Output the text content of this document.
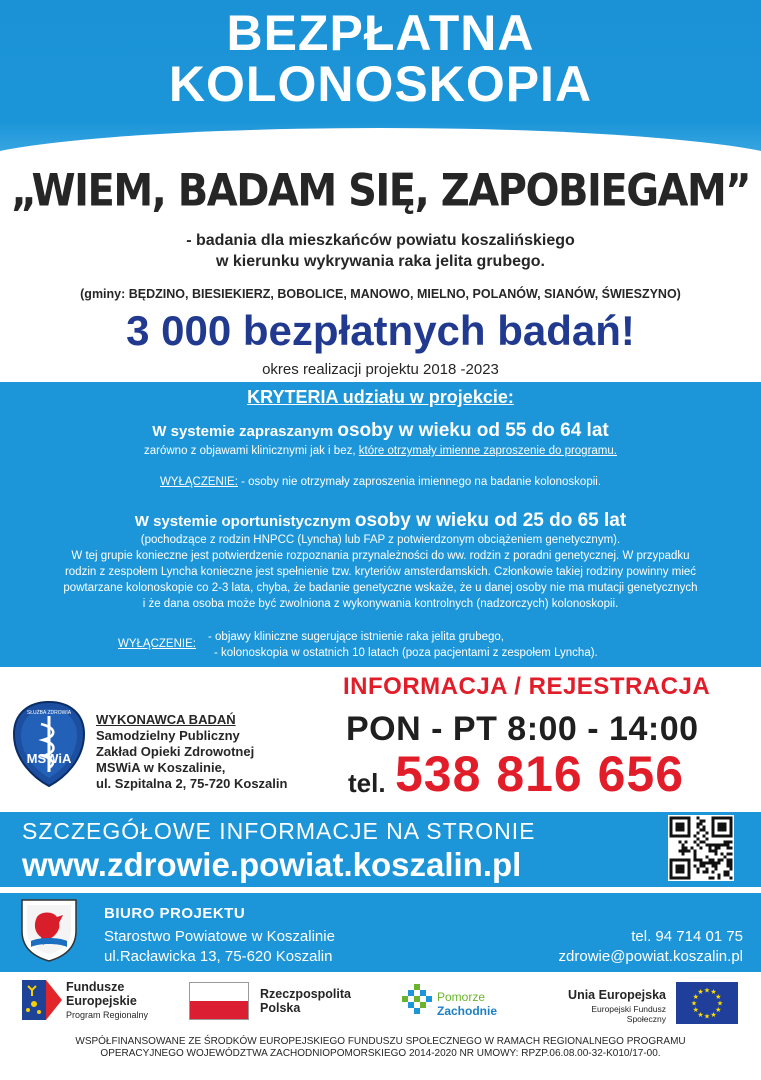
BEZPŁATNA
KOLONOSKOPIA
„WIEM, BADAM SIĘ, ZAPOBIEGAM”
- badania dla mieszkańców powiatu koszalińskiego
w kierunku wykrywania raka jelita grubego.
(gminy: BĘDZINO, BIESIEKIERZ, BOBOLICE, MANOWO, MIELNO, POLANÓW, SIANÓW, ŚWIESZYNO)
3 000 bezpłatnych badań!
okres realizacji projektu 2018 -2023
KRYTERIA udziału w projekcie:
W systemie zapraszanym osoby w wieku od 55 do 64 lat
zarówno z objawami klinicznymi jak i bez, które otrzymały imienne zaproszenie do programu.
WYŁĄCZENIE: - osoby nie otrzymały zaproszenia imiennego na badanie kolonoskopii.
W systemie oportunistycznym osoby w wieku od 25 do 65 lat
(pochodzące z rodzin HNPCC (Lyncha) lub FAP z potwierdzonym obciążeniem genetycznym).
W tej grupie konieczne jest potwierdzenie rozpoznania przynależności do ww. rodzin z poradni genetycznej. W przypadku
rodzin z zespołem Lyncha konieczne jest spełnienie tzw. kryteriów amsterdamskich. Członkowie takiej rodziny powinny mieć
powtarzane kolonoskopie co 2-3 lata, chyba, że badanie genetyczne wskaże, że u danej osoby nie ma mutacji genetycznych
i że dana osoba może być zwolniona z wykonywania kontrolnych (nadzorczych) kolonoskopii.
WYŁĄCZENIE:
- objawy kliniczne sugerujące istnienie raka jelita grubego,
- kolonoskopia w ostatnich 10 latach (poza pacjentami z zespołem Lyncha).
MSWiA
SŁUŻBA ZDROWIA WYKONAWCA BADAŃ
Samodzielny Publiczny
Zakład Opieki Zdrowotnej
MSWiA w Koszalinie,
ul. Szpitalna 2, 75-720 Koszalin
INFORMACJA / REJESTRACJA
PON - PT 8:00 - 14:00
tel. 538 816 656
SZCZEGÓŁOWE INFORMACJE NA STRONIE
www.zdrowie.powiat.koszalin.pl
BIURO PROJEKTU
Starostwo Powiatowe w Koszalinie
ul.Racławicka 13, 75-620 Koszalin
tel. 94 714 01 75
zdrowie@powiat.koszalin.pl
Fundusze
Europejskie
Program Regionalny
Rzeczpospolita
Polska
Pomorze
Zachodnie
Unia Europejska
Europejski Fundusz Społeczny
★
★
★
★
★
★
★
★
★ ★ ★
★
WSPÓŁFINANSOWANE ZE ŚRODKÓW EUROPEJSKIEGO FUNDUSZU SPOŁECZNEGO W RAMACH REGIONALNEGO PROGRAMU
OPERACYJNEGO WOJEWÓDZTWA ZACHODNIOPOMORSKIEGO 2014-2020 NR UMOWY: RPZP.06.08.00-32-K010/17-00.
